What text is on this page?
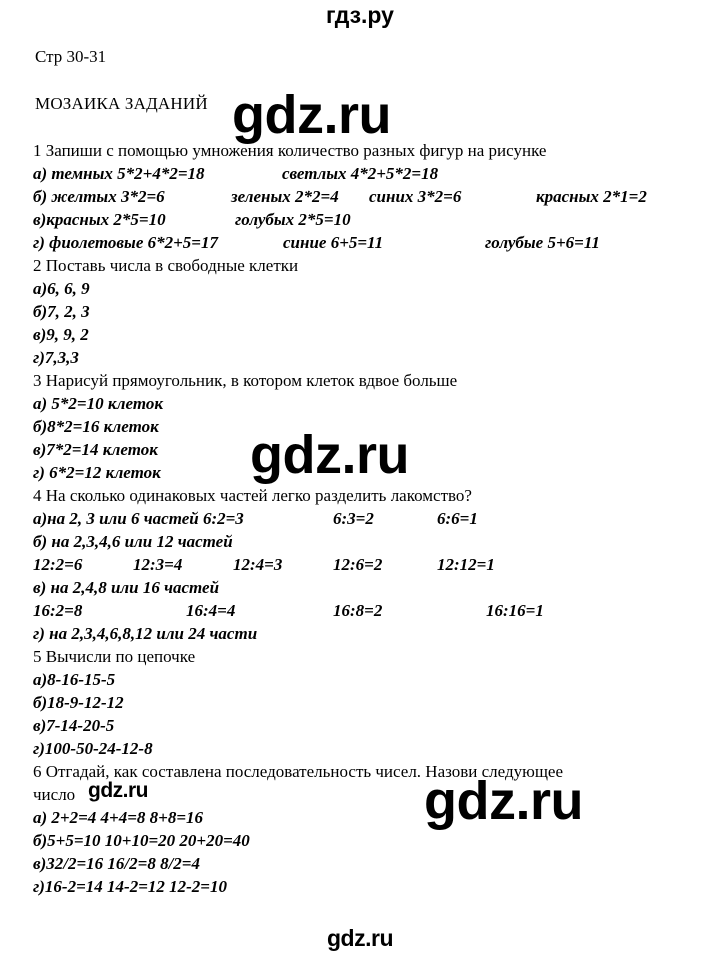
гдз.ру
Стр 30-31
МОЗАИКА ЗАДАНИЙ
1 Запиши с помощью умножения количество разных фигур на рисунке
а) темных 5*2+4*2=18	светлых 4*2+5*2=18
б) желтых 3*2=6	зеленых 2*2=4 синих 3*2=6	красных 2*1=2
в)красных 2*5=10	голубых 2*5=10
г) фиолетовые 6*2+5=17	синие 6+5=11	голубые 5+6=11
2 Поставь числа в свободные клетки
а)6, 6, 9
б)7, 2, 3
в)9, 9, 2
г)7,3,3
3 Нарисуй прямоугольник, в котором клеток вдвое больше
а) 5*2=10 клеток
б)8*2=16 клеток
в)7*2=14 клеток
г) 6*2=12 клеток
4 На сколько одинаковых частей легко разделить лакомство?
а)на 2, 3 или 6 частей 6:2=3	6:3=2	6:6=1
б) на 2,3,4,6 или 12 частей
12:2=6	12:3=4	12:4=3	12:6=2	12:12=1
в) на 2,4,8 или 16 частей
16:2=8	16:4=4	16:8=2	16:16=1
г) на 2,3,4,6,8,12 или 24 части
5 Вычисли по цепочке
а)8-16-15-5
б)18-9-12-12
в)7-14-20-5
г)100-50-24-12-8
6 Отгадай, как составлена последовательность чисел. Назови следующее
число
а) 2+2=4 4+4=8 8+8=16
б)5+5=10 10+10=20 20+20=40
в)32/2=16 16/2=8 8/2=4
г)16-2=14 14-2=12 12-2=10
gdz.ru
gdz.ru
gdz.ru
gdz.ru
gdz.ru
